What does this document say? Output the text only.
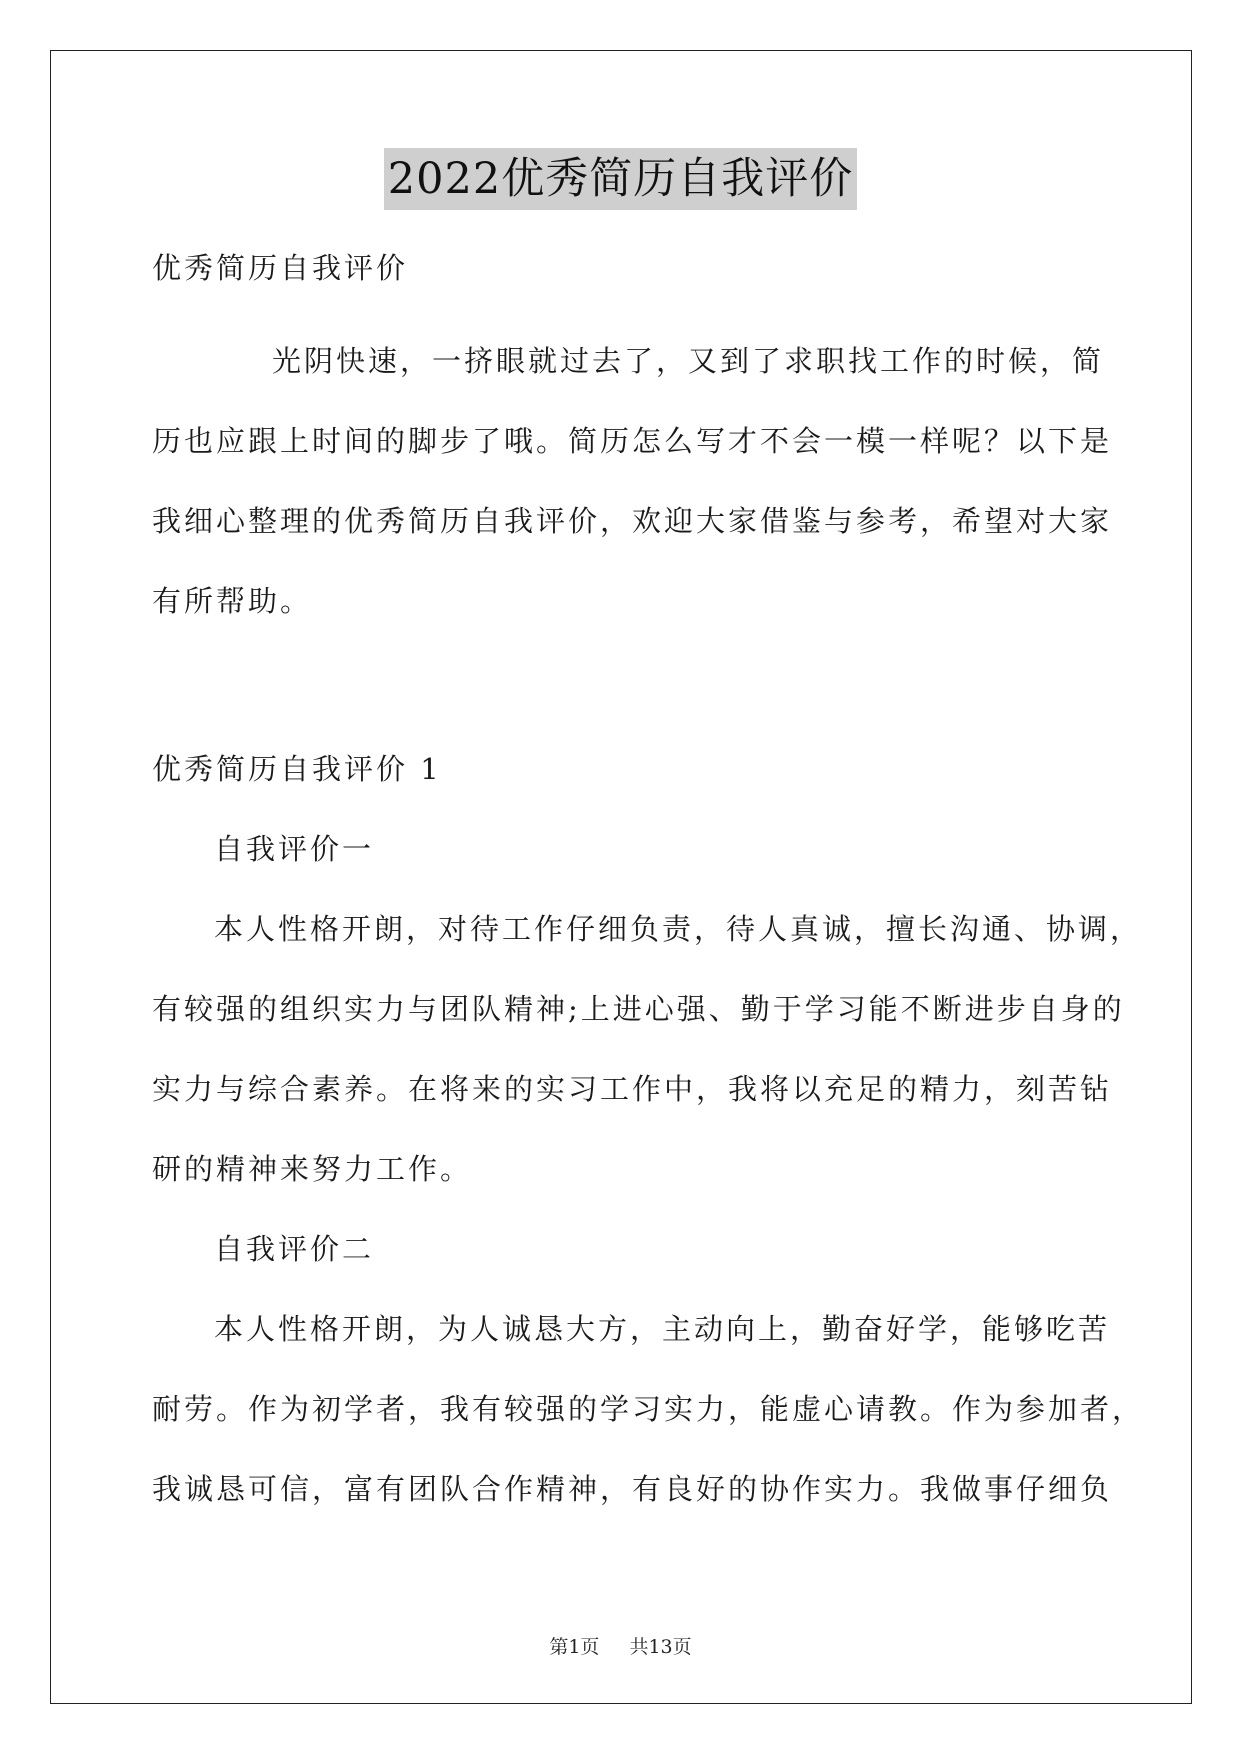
2022优秀简历自我评价
优秀简历自我评价
光阴快速，一挤眼就过去了，又到了求职找工作的时候，简
历也应跟上时间的脚步了哦。简历怎么写才不会一模一样呢？以下是
我细心整理的优秀简历自我评价，欢迎大家借鉴与参考，希望对大家
有所帮助。
优秀简历自我评价 1
自我评价一
本人性格开朗，对待工作仔细负责，待人真诚，擅长沟通、协调，
有较强的组织实力与团队精神;上进心强、勤于学习能不断进步自身的
实力与综合素养。在将来的实习工作中，我将以充足的精力，刻苦钻
研的精神来努力工作。
自我评价二
本人性格开朗，为人诚恳大方，主动向上，勤奋好学，能够吃苦
耐劳。作为初学者，我有较强的学习实力，能虚心请教。作为参加者，
我诚恳可信，富有团队合作精神，有良好的协作实力。我做事仔细负
第1页 共13页
